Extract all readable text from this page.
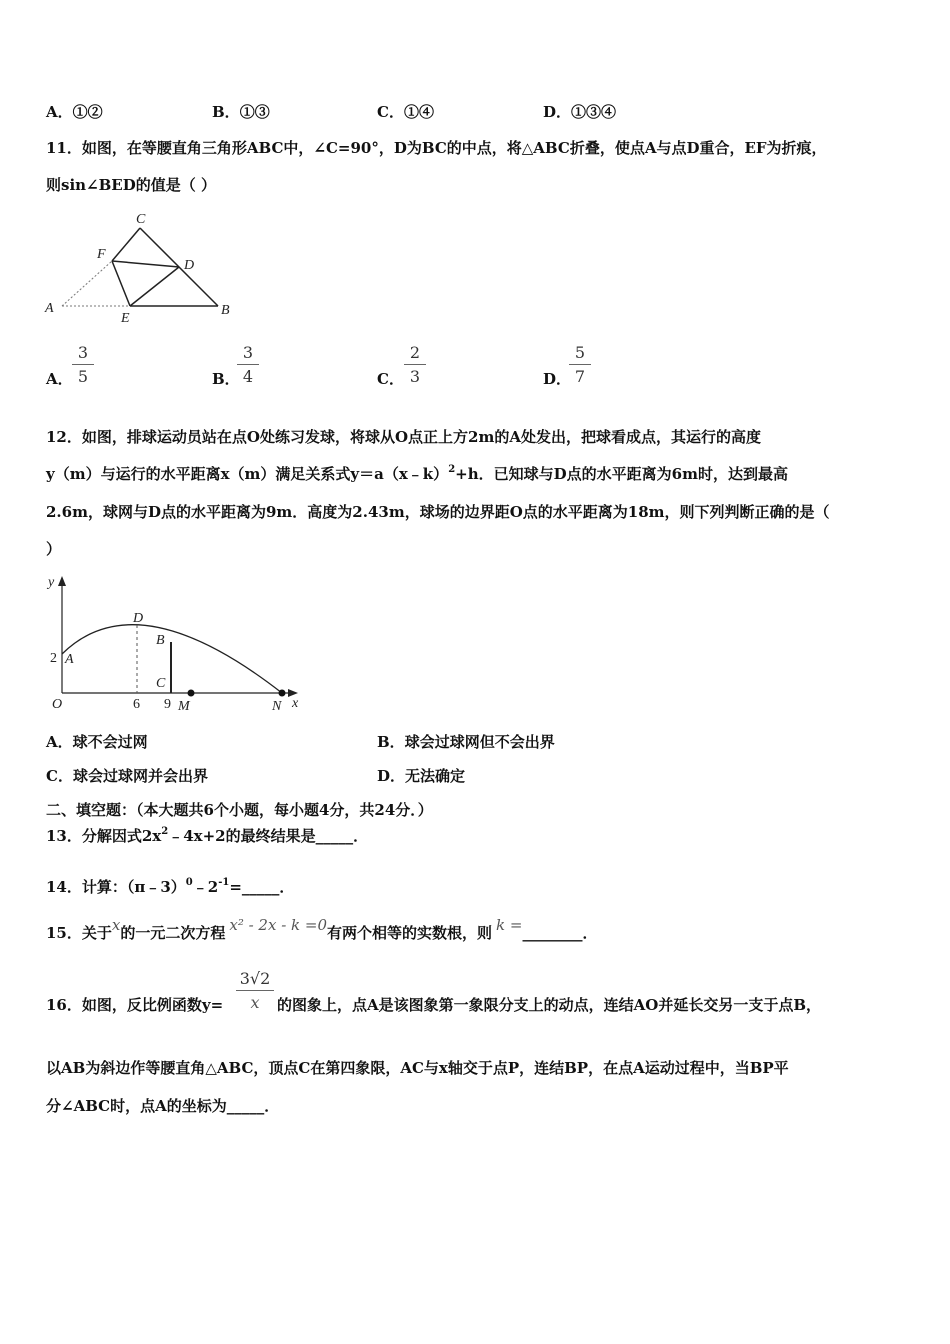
A．①②	B．①③	C．①④	D．①③④
11．如图，在等腰直角三角形ABC中，∠C=90°，D为BC的中点，将△ABC折叠，使点A与点D重合，EF为折痕，
则sin∠BED的值是（ ）
C
F
D
A
E
B
A．
3
5	B．
3
4	C．
2
3	D．
5
7
12．如图，排球运动员站在点O处练习发球，将球从O点正上方2m的A处发出，把球看成点，其运行的高度
y（m）与运行的水平距离x（m）满足关系式y＝a（x﹣k）$^2$+h．已知球与D点的水平距离为6m时，达到最高
2.6m，球网与D点的水平距离为9m．高度为2.43m，球场的边界距O点的水平距离为18m，则下列判断正确的是（
）
y
x
O
2 A
D
B
C
6 9 M	N
A．球不会过网	B．球会过球网但不会出界
C．球会过球网并会出界	D．无法确定
二、填空题：（本大题共6个小题，每小题4分，共24分．）
13．分解因式$2x^2﹣4x+2$的最终结果是_____．
14．计算：$(\pi﹣3)^0﹣2^{-1}=\_\_\_\_\_$．
15．关于x的一元二次方程 x² - 2x - k =0有两个相等的实数根，则 k =________．
16．如图，反比例函数y=
3√2
x	的图象上，点A是该图象第一象限分支上的动点，连结AO并延长交另一支于点B，
以AB为斜边作等腰直角△ABC，顶点C在第四象限，AC与x轴交于点P，连结BP，在点A运动过程中，当BP平
分∠ABC时，点A的坐标为_____．
